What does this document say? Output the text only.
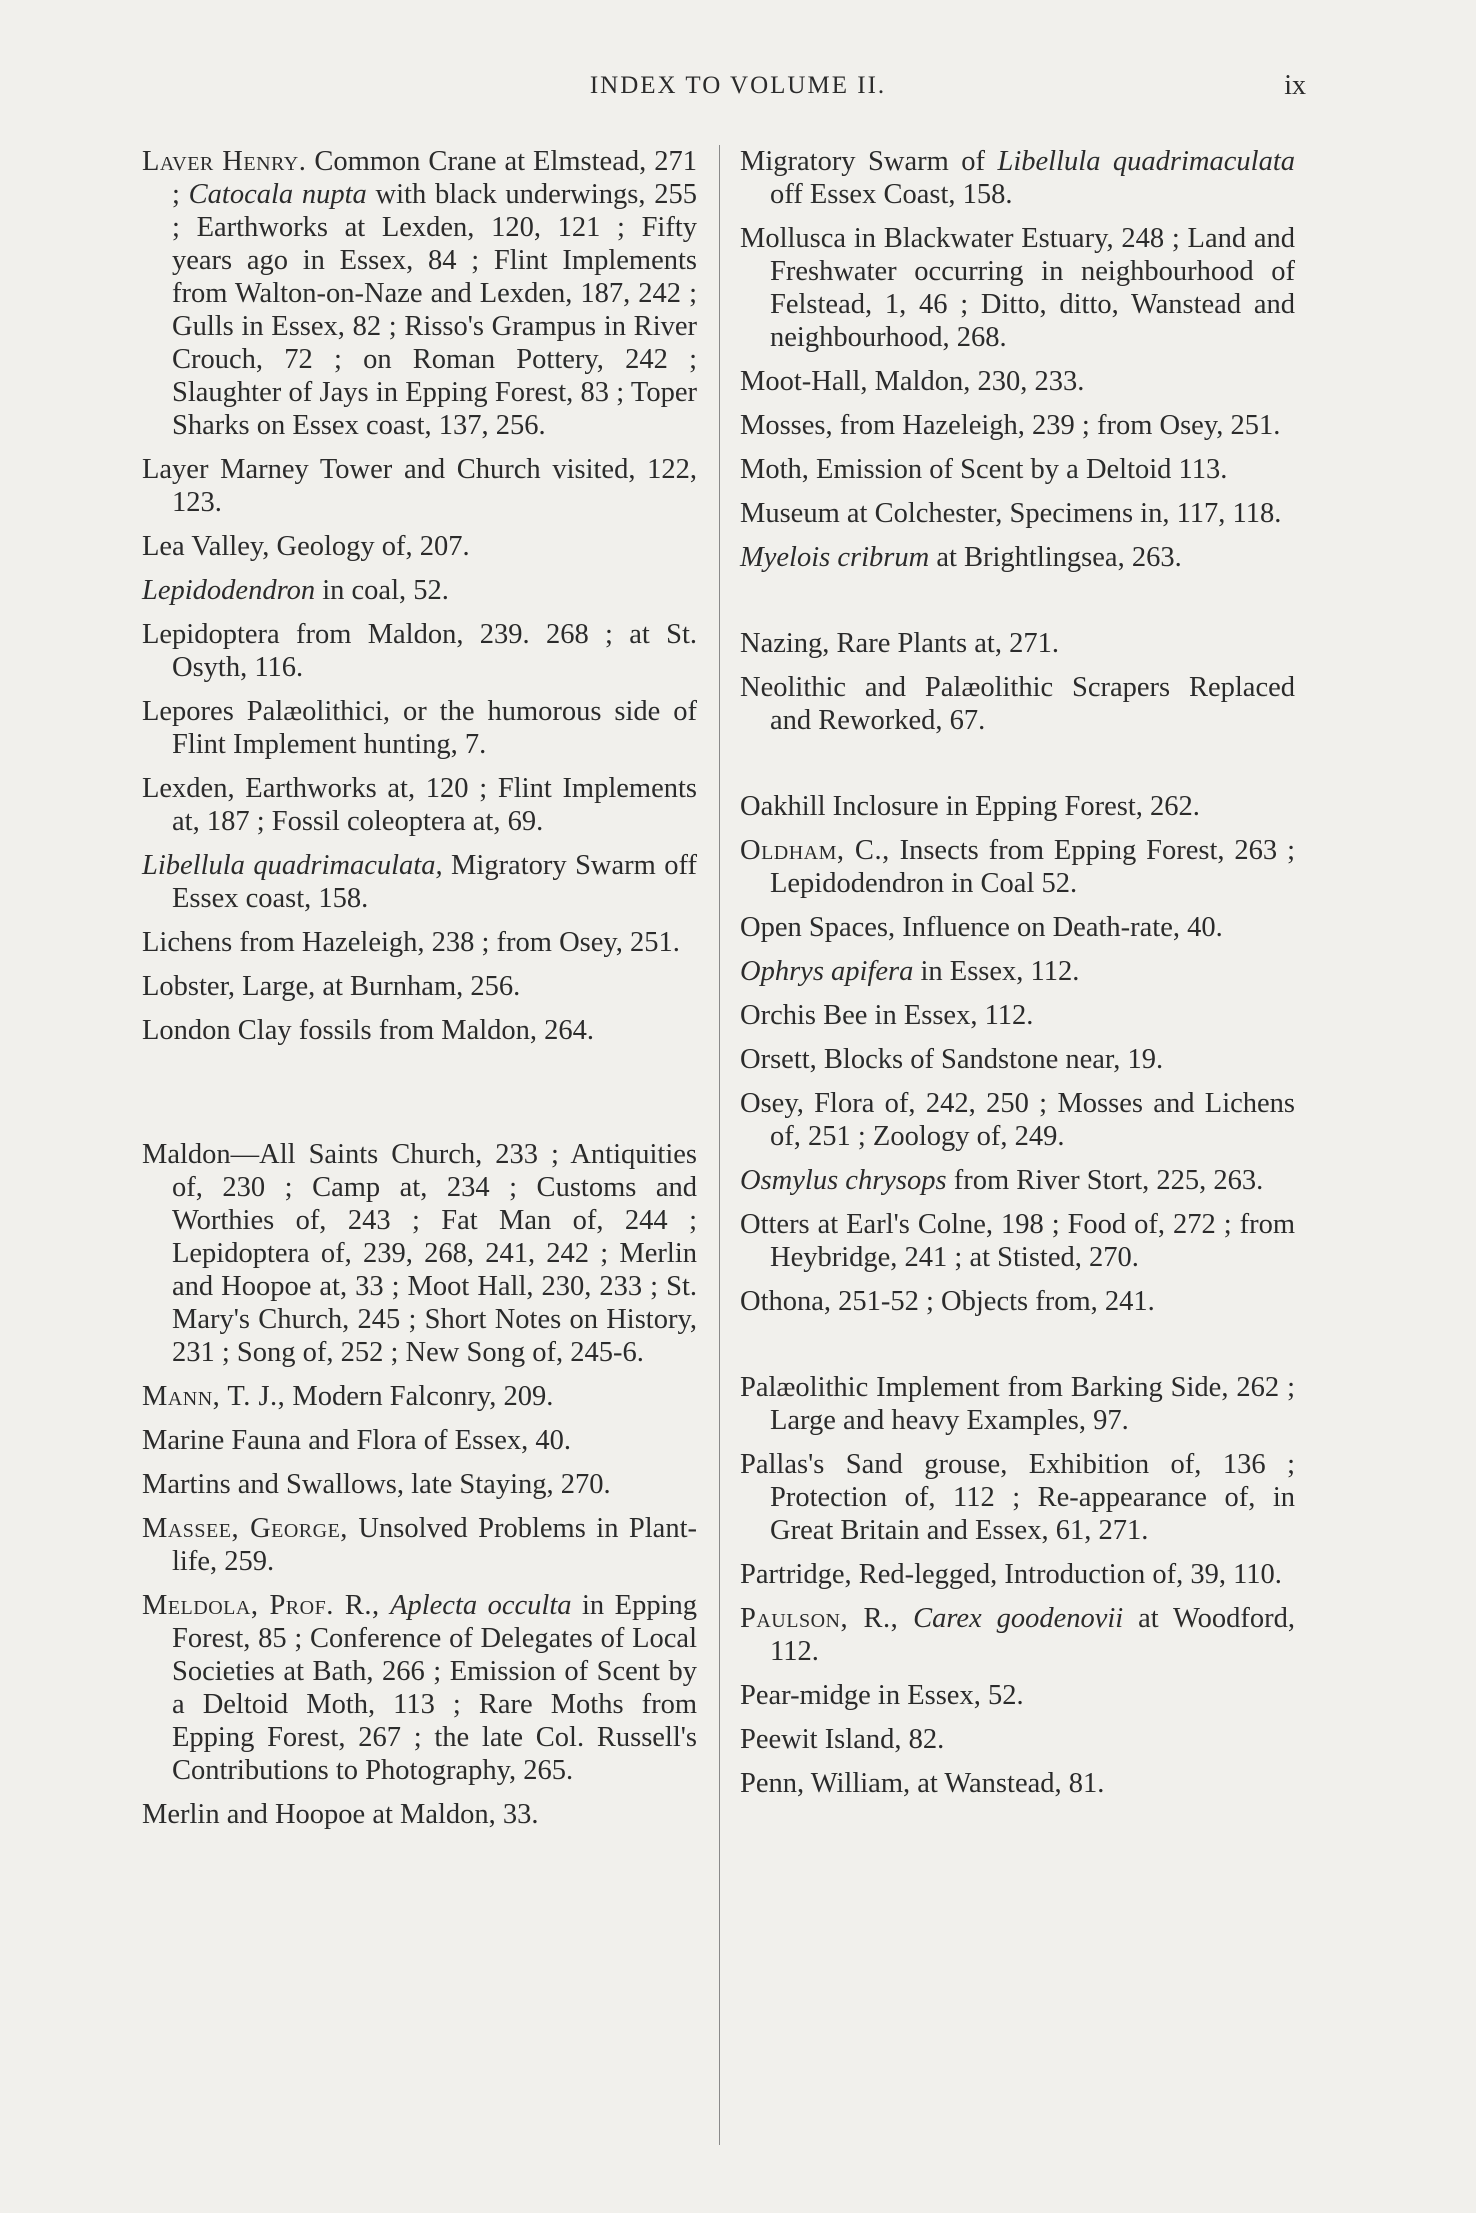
INDEX TO VOLUME II.	ix

Laver Henry. Common Crane at Elmstead, 271 ; Catocala nupta with black underwings, 255 ; Earthworks at Lexden, 120, 121 ; Fifty years ago in Essex, 84 ; Flint Implements from Walton-on-Naze and Lexden, 187, 242 ; Gulls in Essex, 82 ; Risso's Grampus in River Crouch, 72 ; on Roman Pottery, 242 ; Slaughter of Jays in Epping Forest, 83 ; Toper Sharks on Essex coast, 137, 256.

Layer Marney Tower and Church visited, 122, 123.

Lea Valley, Geology of, 207.

Lepidodendron in coal, 52.

Lepidoptera from Maldon, 239. 268 ; at St. Osyth, 116.

Lepores Palæolithici, or the humorous side of Flint Implement hunting, 7.

Lexden, Earthworks at, 120 ; Flint Implements at, 187 ; Fossil coleoptera at, 69.

Libellula quadrimaculata, Migratory Swarm off Essex coast, 158.

Lichens from Hazeleigh, 238 ; from Osey, 251.

Lobster, Large, at Burnham, 256.

London Clay fossils from Maldon, 264.

Maldon—All Saints Church, 233 ; Antiquities of, 230 ; Camp at, 234 ; Customs and Worthies of, 243 ; Fat Man of, 244 ; Lepidoptera of, 239, 268, 241, 242 ; Merlin and Hoopoe at, 33 ; Moot Hall, 230, 233 ; St. Mary's Church, 245 ; Short Notes on History, 231 ; Song of, 252 ; New Song of, 245-6.

Mann, T. J., Modern Falconry, 209.

Marine Fauna and Flora of Essex, 40.

Martins and Swallows, late Staying, 270.

Massee, George, Unsolved Problems in Plant-life, 259.

Meldola, Prof. R., Aplecta occulta in Epping Forest, 85 ; Conference of Delegates of Local Societies at Bath, 266 ; Emission of Scent by a Deltoid Moth, 113 ; Rare Moths from Epping Forest, 267 ; the late Col. Russell's Contributions to Photography, 265.

Merlin and Hoopoe at Maldon, 33.

Migratory Swarm of Libellula quadrimaculata off Essex Coast, 158.

Mollusca in Blackwater Estuary, 248 ; Land and Freshwater occurring in neighbourhood of Felstead, 1, 46 ; Ditto, ditto, Wanstead and neighbourhood, 268.

Moot-Hall, Maldon, 230, 233.

Mosses, from Hazeleigh, 239 ; from Osey, 251.

Moth, Emission of Scent by a Deltoid 113.

Museum at Colchester, Specimens in, 117, 118.

Myelois cribrum at Brightlingsea, 263.

Nazing, Rare Plants at, 271.

Neolithic and Palæolithic Scrapers Replaced and Reworked, 67.

Oakhill Inclosure in Epping Forest, 262.

Oldham, C., Insects from Epping Forest, 263 ; Lepidodendron in Coal 52.

Open Spaces, Influence on Death-rate, 40.

Ophrys apifera in Essex, 112.

Orchis Bee in Essex, 112.

Orsett, Blocks of Sandstone near, 19.

Osey, Flora of, 242, 250 ; Mosses and Lichens of, 251 ; Zoology of, 249.

Osmylus chrysops from River Stort, 225, 263.

Otters at Earl's Colne, 198 ; Food of, 272 ; from Heybridge, 241 ; at Stisted, 270.

Othona, 251-52 ; Objects from, 241.

Palæolithic Implement from Barking Side, 262 ; Large and heavy Examples, 97.

Pallas's Sand grouse, Exhibition of, 136 ; Protection of, 112 ; Re-appearance of, in Great Britain and Essex, 61, 271.

Partridge, Red-legged, Introduction of, 39, 110.

Paulson, R., Carex goodenovii at Woodford, 112.

Pear-midge in Essex, 52.

Peewit Island, 82.

Penn, William, at Wanstead, 81.
